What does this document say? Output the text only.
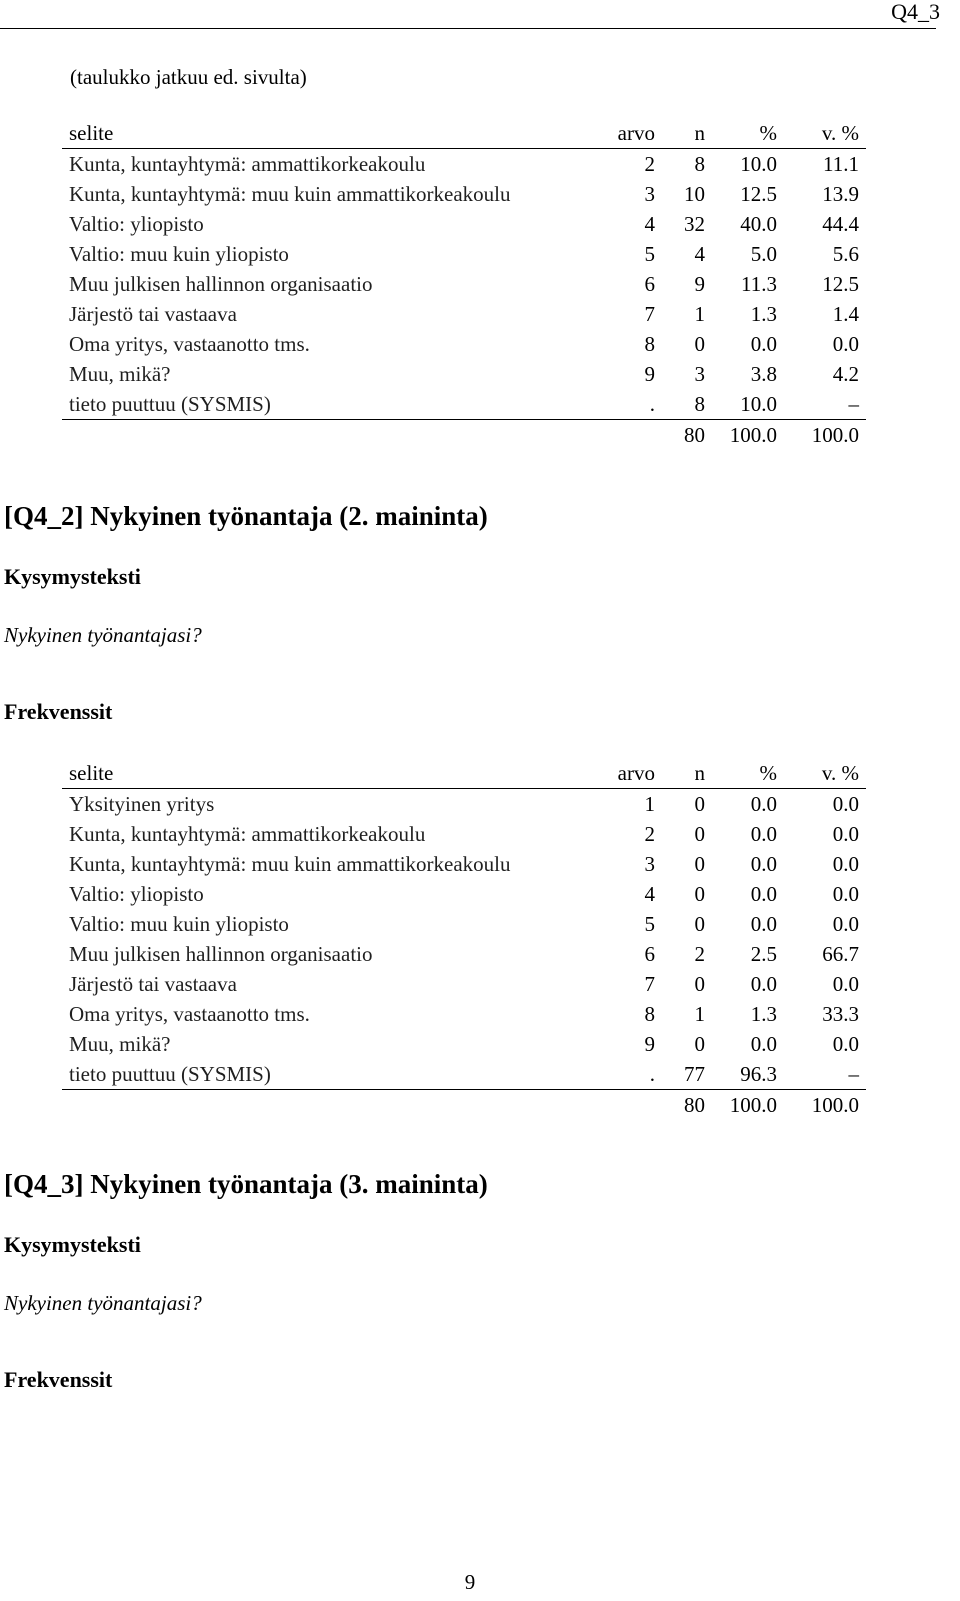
Q4_3
(taulukko jatkuu ed. sivulta)
selite	arvo	n	%	v. %
Kunta, kuntayhtymä: ammattikorkeakoulu	2	8	10.0	11.1
Kunta, kuntayhtymä: muu kuin ammattikorkeakoulu	3	10	12.5	13.9
Valtio: yliopisto	4	32	40.0	44.4
Valtio: muu kuin yliopisto	5	4	5.0	5.6
Muu julkisen hallinnon organisaatio	6	9	11.3	12.5
Järjestö tai vastaava	7	1	1.3	1.4
Oma yritys, vastaanotto tms.	8	0	0.0	0.0
Muu, mikä?	9	3	3.8	4.2
tieto puuttuu (SYSMIS)	.	8	10.0	–
		80	100.0	100.0
[Q4_2] Nykyinen työnantaja (2. maininta)
Kysymysteksti
Nykyinen työnantajasi?
Frekvenssit
selite	arvo	n	%	v. %
Yksityinen yritys	1	0	0.0	0.0
Kunta, kuntayhtymä: ammattikorkeakoulu	2	0	0.0	0.0
Kunta, kuntayhtymä: muu kuin ammattikorkeakoulu	3	0	0.0	0.0
Valtio: yliopisto	4	0	0.0	0.0
Valtio: muu kuin yliopisto	5	0	0.0	0.0
Muu julkisen hallinnon organisaatio	6	2	2.5	66.7
Järjestö tai vastaava	7	0	0.0	0.0
Oma yritys, vastaanotto tms.	8	1	1.3	33.3
Muu, mikä?	9	0	0.0	0.0
tieto puuttuu (SYSMIS)	.	77	96.3	–
		80	100.0	100.0
[Q4_3] Nykyinen työnantaja (3. maininta)
Kysymysteksti
Nykyinen työnantajasi?
Frekvenssit
9
